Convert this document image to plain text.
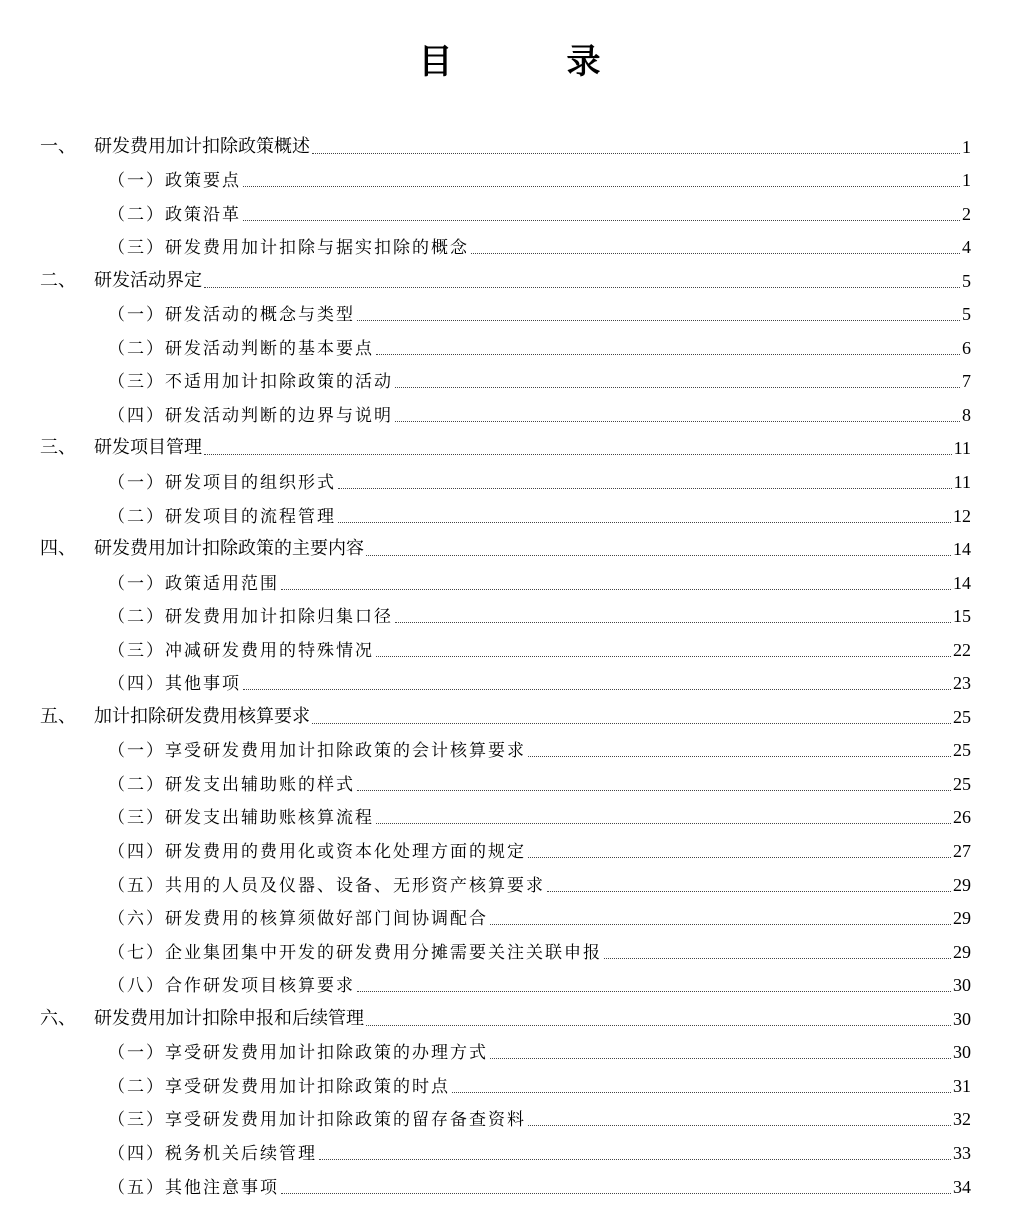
目　录
一、	研发费用加计扣除政策概述	1
（一）政策要点	1
（二）政策沿革	2
（三）研发费用加计扣除与据实扣除的概念	4
二、	研发活动界定	5
（一）研发活动的概念与类型	5
（二）研发活动判断的基本要点	6
（三）不适用加计扣除政策的活动	7
（四）研发活动判断的边界与说明	8
三、	研发项目管理	11
（一）研发项目的组织形式	11
（二）研发项目的流程管理	12
四、	研发费用加计扣除政策的主要内容	14
（一）政策适用范围	14
（二）研发费用加计扣除归集口径	15
（三）冲减研发费用的特殊情况	22
（四）其他事项	23
五、	加计扣除研发费用核算要求	25
（一）享受研发费用加计扣除政策的会计核算要求	25
（二）研发支出辅助账的样式	25
（三）研发支出辅助账核算流程	26
（四）研发费用的费用化或资本化处理方面的规定	27
（五）共用的人员及仪器、设备、无形资产核算要求	29
（六）研发费用的核算须做好部门间协调配合	29
（七）企业集团集中开发的研发费用分摊需要关注关联申报	29
（八）合作研发项目核算要求	30
六、	研发费用加计扣除申报和后续管理	30
（一）享受研发费用加计扣除政策的办理方式	30
（二）享受研发费用加计扣除政策的时点	31
（三）享受研发费用加计扣除政策的留存备查资料	32
（四）税务机关后续管理	33
（五）其他注意事项	34
